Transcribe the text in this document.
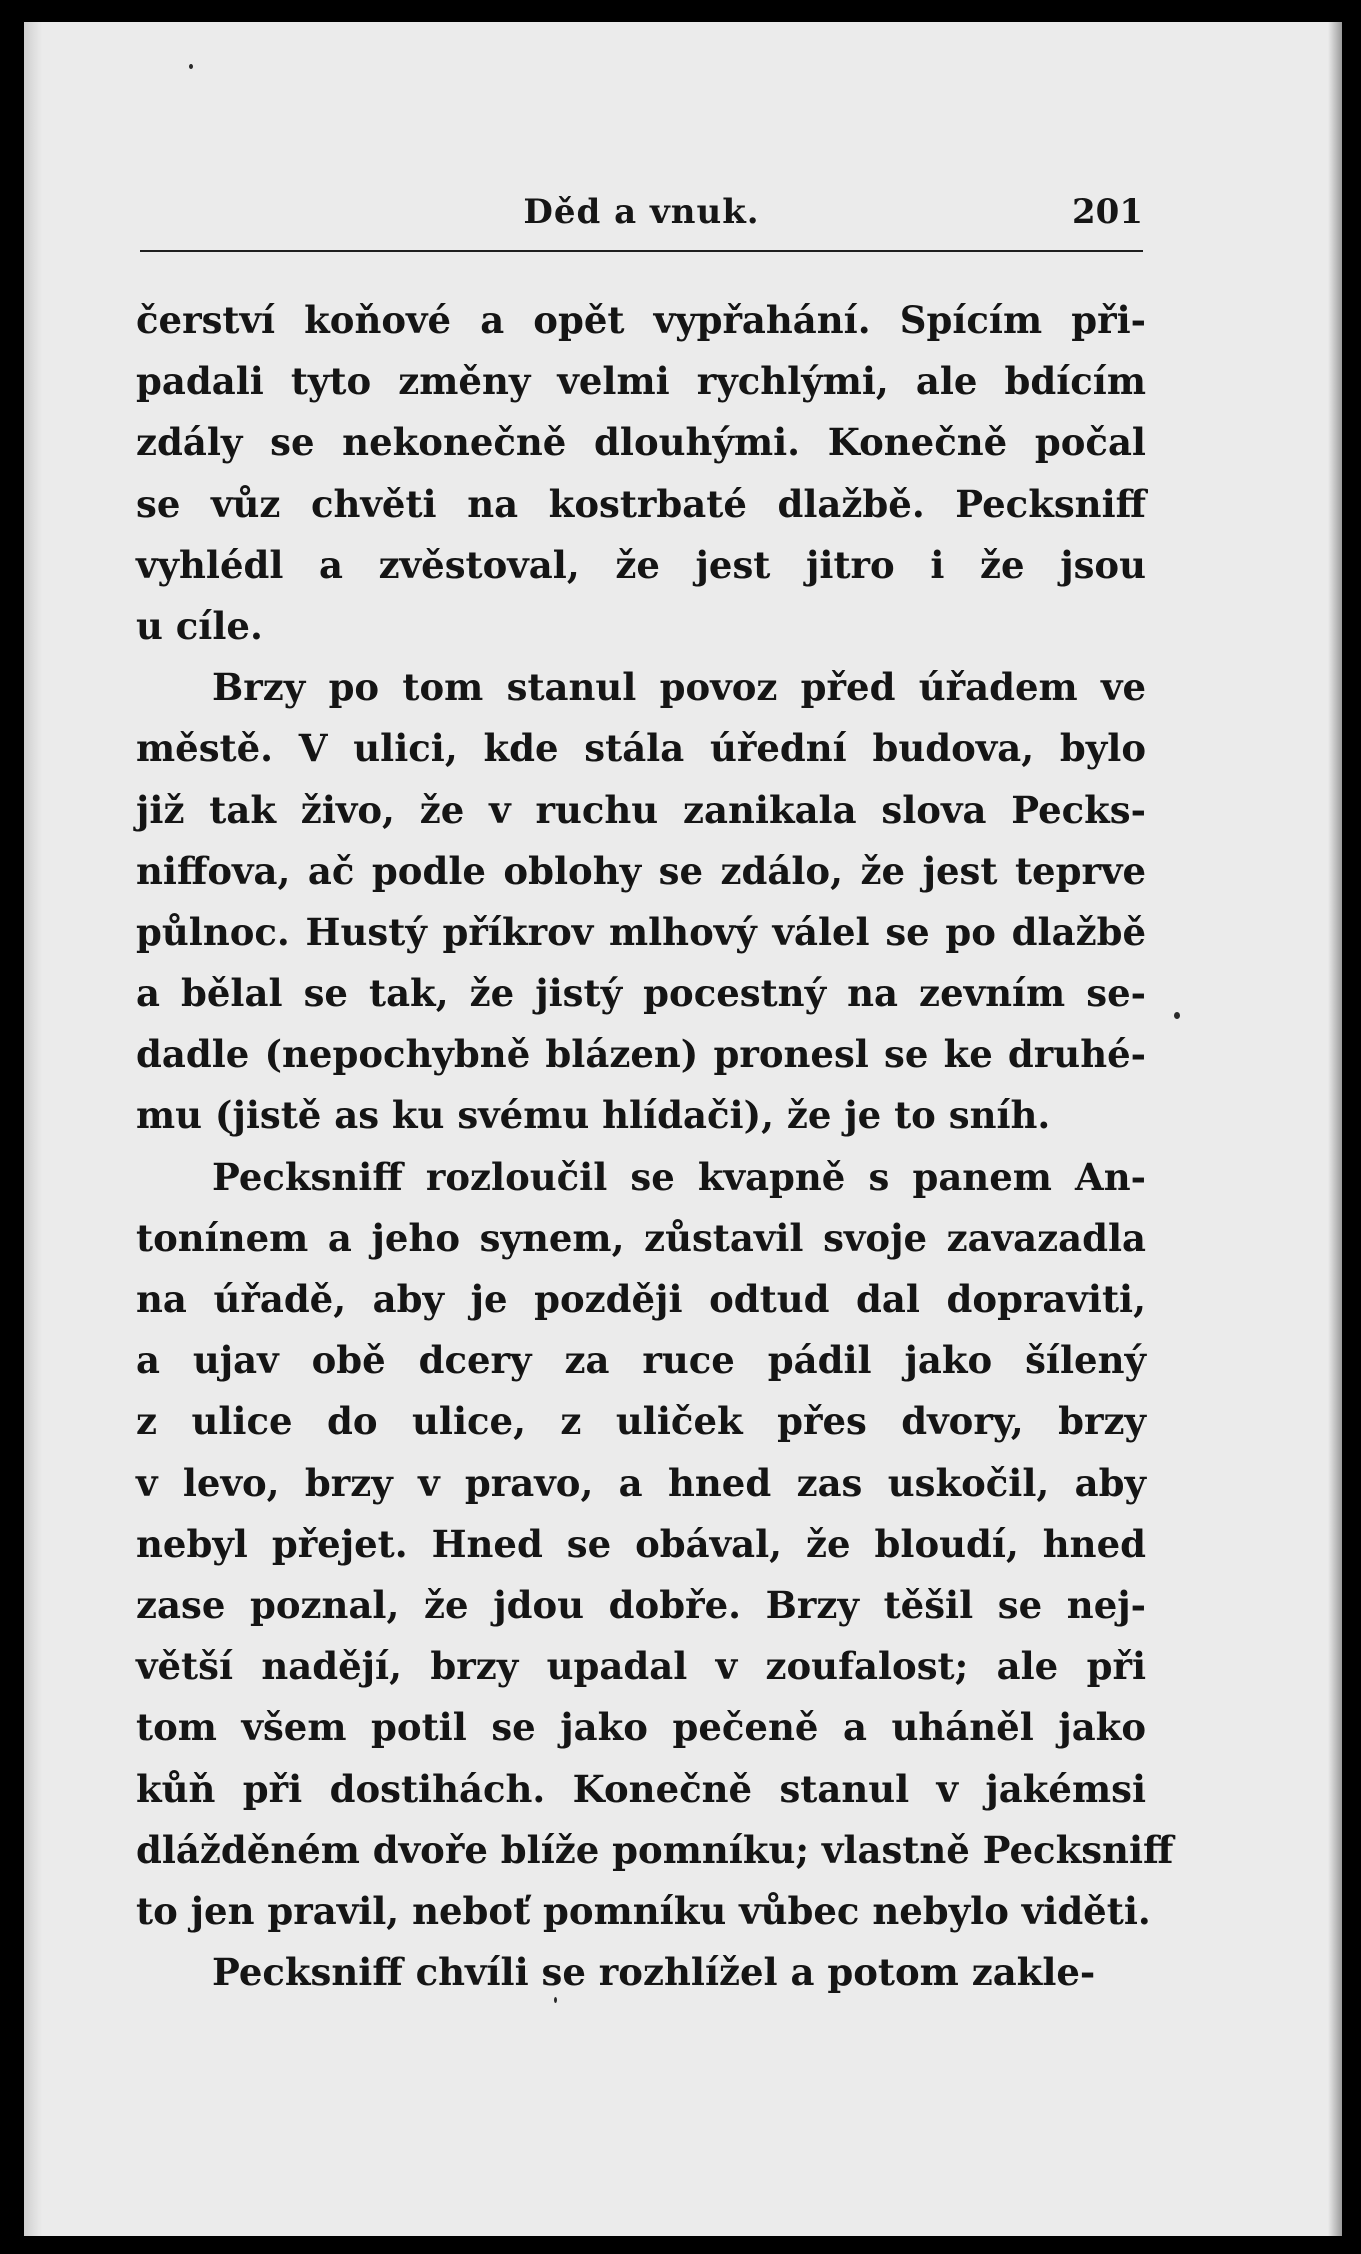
Děd a vnuk.	201
čerství koňové a opět vypřahání. Spícím při-
padali tyto změny velmi rychlými, ale bdícím
zdály se nekonečně dlouhými. Konečně počal
se vůz chvěti na kostrbaté dlažbě. Pecksniff
vyhlédl a zvěstoval, že jest jitro i že jsou
u cíle.
Brzy po tom stanul povoz před úřadem ve
městě. V ulici, kde stála úřední budova, bylo
již tak živo, že v ruchu zanikala slova Pecks-
niffova, ač podle oblohy se zdálo, že jest teprve
půlnoc. Hustý příkrov mlhový válel se po dlažbě
a bělal se tak, že jistý pocestný na zevním se-
dadle (nepochybně blázen) pronesl se ke druhé-
mu (jistě as ku svému hlídači), že je to sníh.
Pecksniff rozloučil se kvapně s panem An-
tonínem a jeho synem, zůstavil svoje zavazadla
na úřadě, aby je později odtud dal dopraviti,
a ujav obě dcery za ruce pádil jako šílený
z ulice do ulice, z uliček přes dvory, brzy
v levo, brzy v pravo, a hned zas uskočil, aby
nebyl přejet. Hned se obával, že bloudí, hned
zase poznal, že jdou dobře. Brzy těšil se nej-
větší nadějí, brzy upadal v zoufalost; ale při
tom všem potil se jako pečeně a uháněl jako
kůň při dostihách. Konečně stanul v jakémsi
dlážděném dvoře blíže pomníku; vlastně Pecksniff
to jen pravil, neboť pomníku vůbec nebylo viděti.
Pecksniff chvíli se rozhlížel a potom zakle-
